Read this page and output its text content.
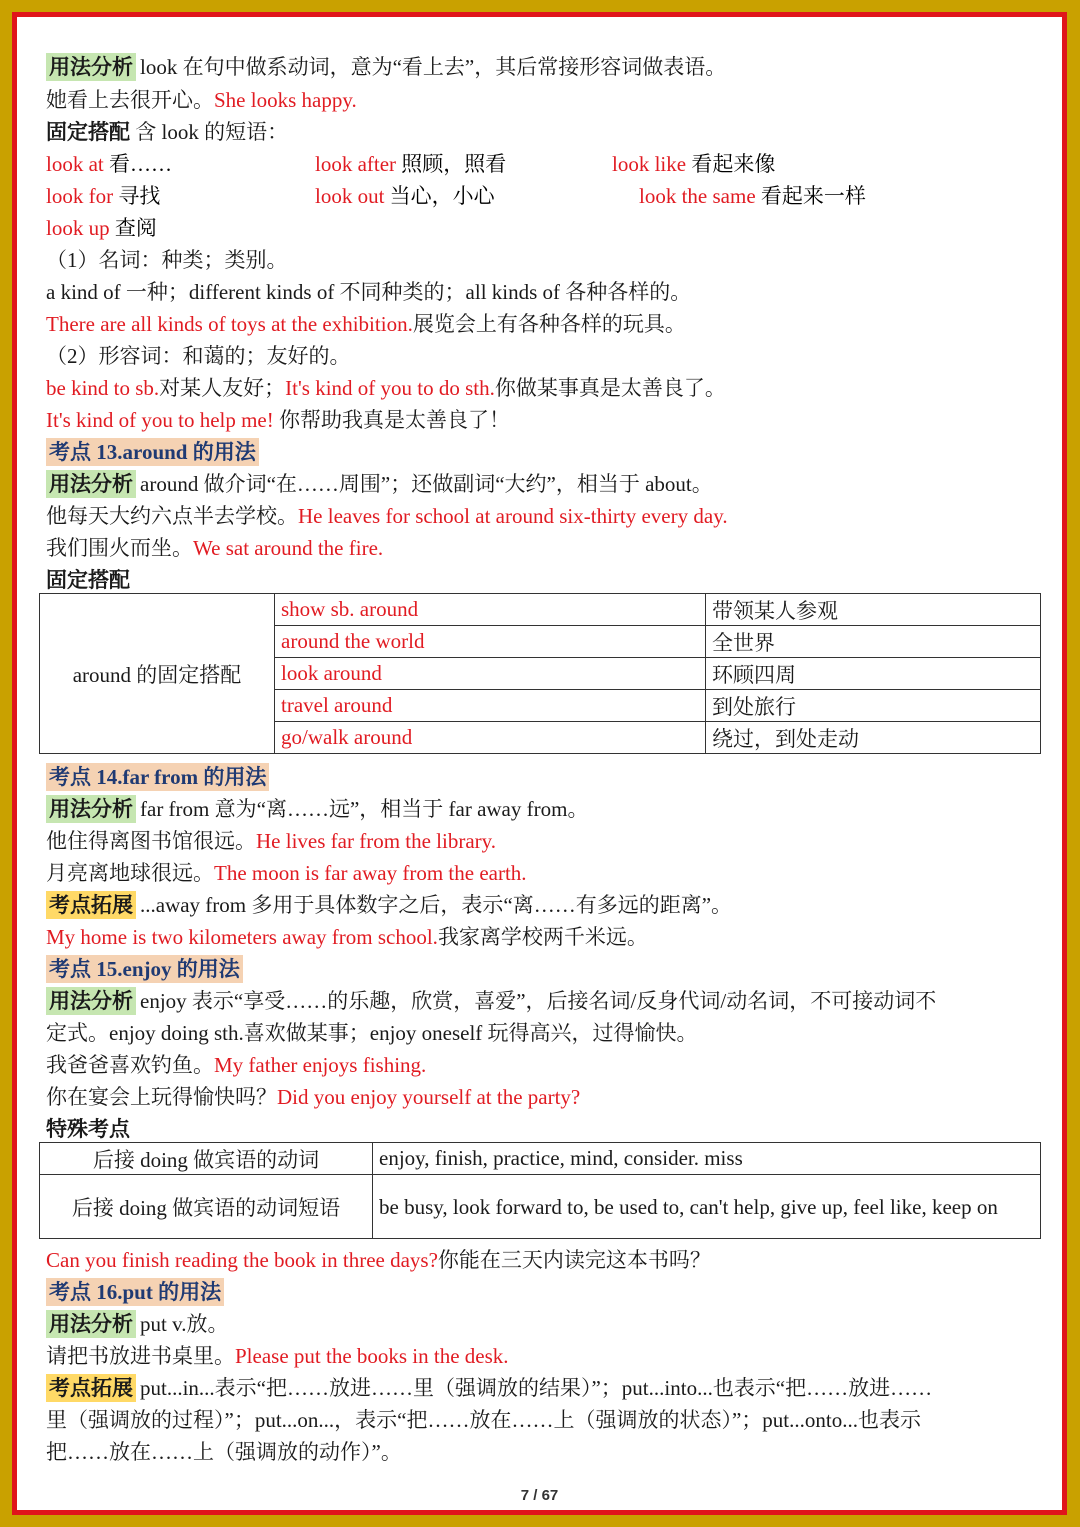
用法分析 look 在句中做系动词，意为“看上去”，其后常接形容词做表语。
她看上去很开心。She looks happy.
固定搭配 含 look 的短语：
look at 看……	look after 照顾，照看	look like 看起来像
look for 寻找	look out 当心，小心	look the same 看起来一样
look up 查阅
（1）名词：种类；类别。
a kind of 一种；different kinds of 不同种类的；all kinds of 各种各样的。
There are all kinds of toys at the exhibition.展览会上有各种各样的玩具。
（2）形容词：和蔼的；友好的。
be kind to sb.对某人友好；It's kind of you to do sth.你做某事真是太善良了。
It's kind of you to help me! 你帮助我真是太善良了！
考点 13.around 的用法
用法分析 around 做介词“在……周围”；还做副词“大约”，相当于 about。
他每天大约六点半去学校。He leaves for school at around six-thirty every day.
我们围火而坐。We sat around the fire.
固定搭配
around 的固定搭配	show sb. around	带领某人参观
	around the world	全世界
	look around	环顾四周
	travel around	到处旅行
	go/walk around	绕过，到处走动
考点 14.far from 的用法
用法分析 far from 意为“离……远”，相当于 far away from。
他住得离图书馆很远。He lives far from the library.
月亮离地球很远。The moon is far away from the earth.
考点拓展 ...away from 多用于具体数字之后，表示“离……有多远的距离”。
My home is two kilometers away from school.我家离学校两千米远。
考点 15.enjoy 的用法
用法分析 enjoy 表示“享受……的乐趣，欣赏，喜爱”，后接名词/反身代词/动名词，不可接动词不
定式。enjoy doing sth.喜欢做某事；enjoy oneself 玩得高兴，过得愉快。
我爸爸喜欢钓鱼。My father enjoys fishing.
你在宴会上玩得愉快吗？Did you enjoy yourself at the party?
特殊考点
后接 doing 做宾语的动词	enjoy, finish, practice, mind, consider. miss
后接 doing 做宾语的动词短语	be busy, look forward to, be used to, can't help, give up, feel like, keep on
Can you finish reading the book in three days?你能在三天内读完这本书吗？
考点 16.put 的用法
用法分析 put v.放。
请把书放进书桌里。Please put the books in the desk.
考点拓展 put...in...表示“把……放进……里（强调放的结果）”；put...into...也表示“把……放进……
里（强调放的过程）”；put...on...，表示“把……放在……上（强调放的状态）”；put...onto...也表示
把……放在……上（强调放的动作）”。
7 / 67
